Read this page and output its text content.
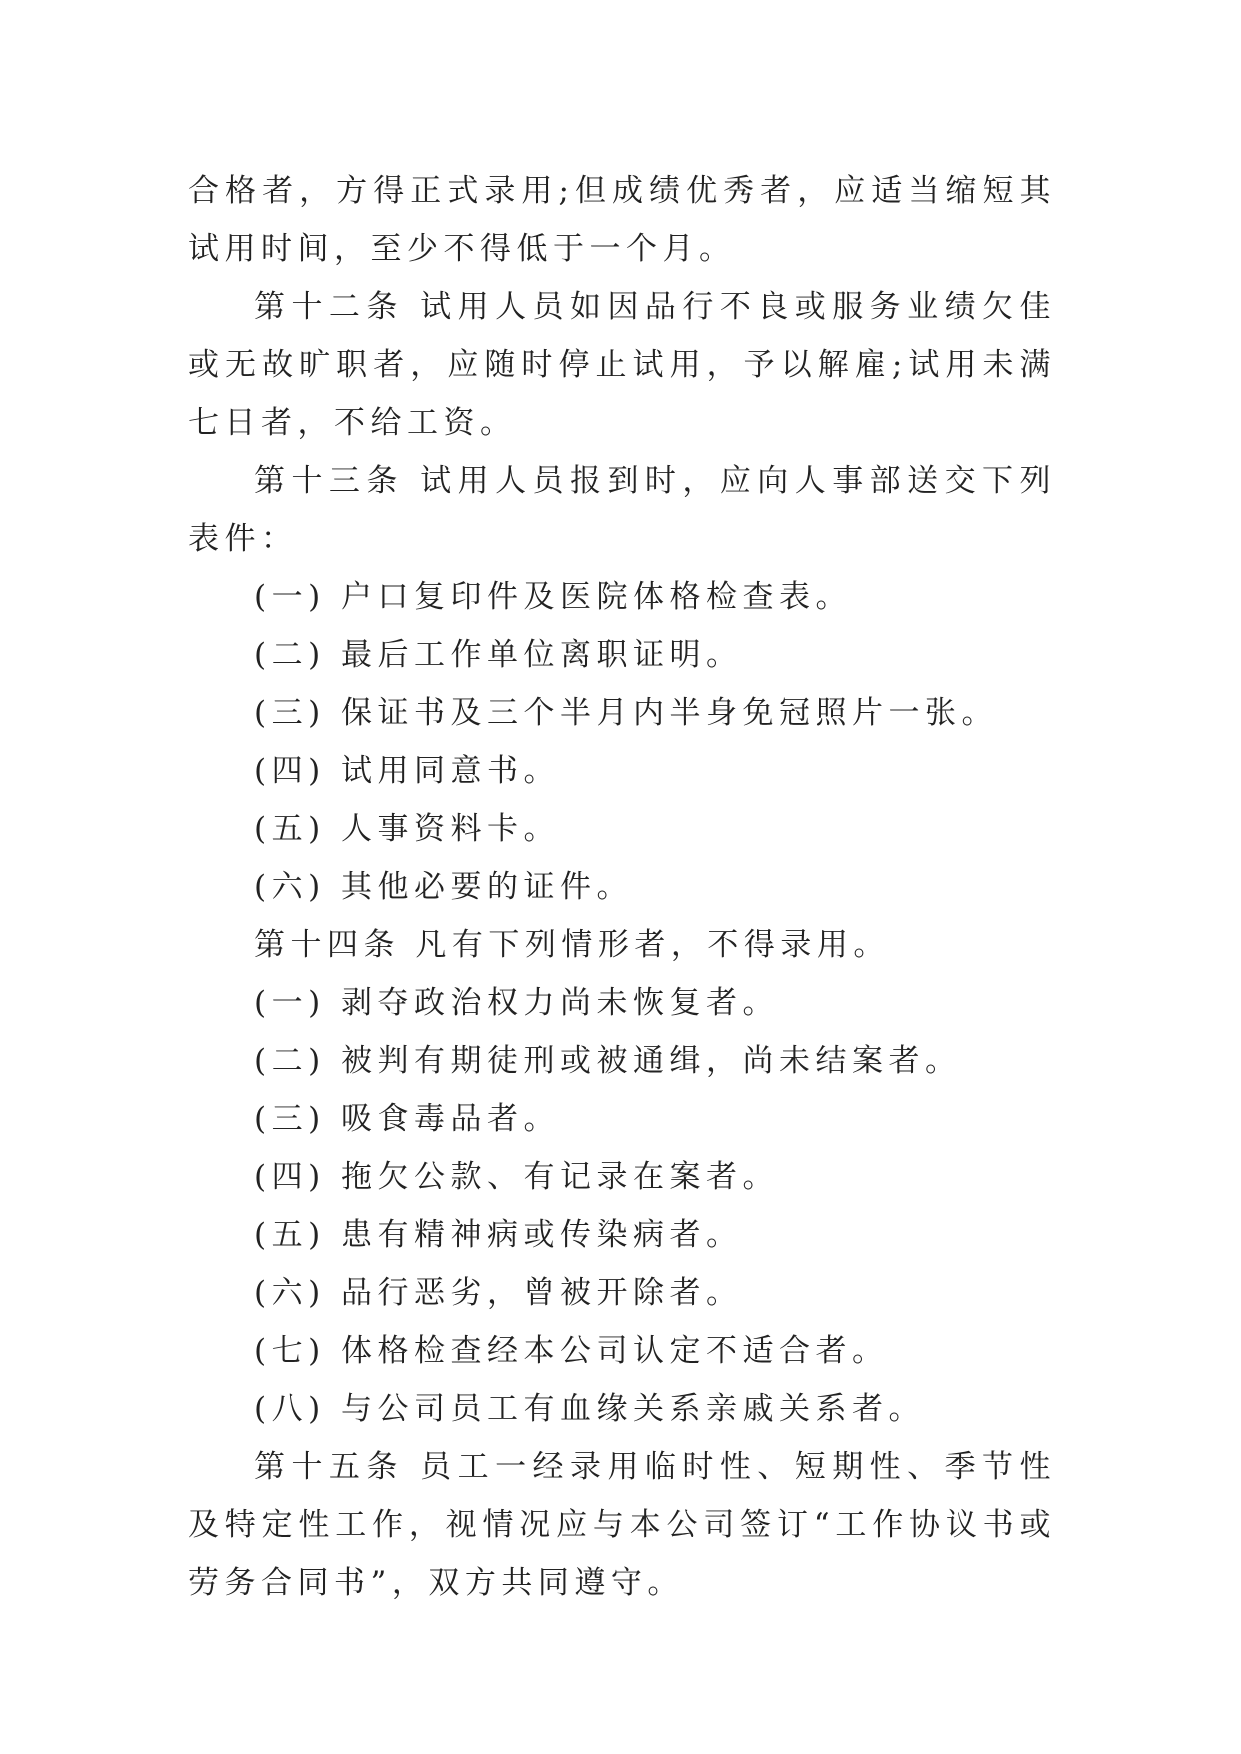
合格者，方得正式录用;但成绩优秀者，应适当缩短其试用时间，至少不得低于一个月。

第十二条 试用人员如因品行不良或服务业绩欠佳或无故旷职者，应随时停止试用，予以解雇;试用未满七日者，不给工资。

第十三条 试用人员报到时，应向人事部送交下列表件：

(一) 户口复印件及医院体格检查表。

(二) 最后工作单位离职证明。

(三) 保证书及三个半月内半身免冠照片一张。

(四) 试用同意书。

(五) 人事资料卡。

(六) 其他必要的证件。

第十四条 凡有下列情形者，不得录用。

(一) 剥夺政治权力尚未恢复者。

(二) 被判有期徒刑或被通缉，尚未结案者。

(三) 吸食毒品者。

(四) 拖欠公款、有记录在案者。

(五) 患有精神病或传染病者。

(六) 品行恶劣，曾被开除者。

(七) 体格检查经本公司认定不适合者。

(八) 与公司员工有血缘关系亲戚关系者。

第十五条 员工一经录用临时性、短期性、季节性及特定性工作，视情况应与本公司签订“工作协议书或劳务合同书”，双方共同遵守。
